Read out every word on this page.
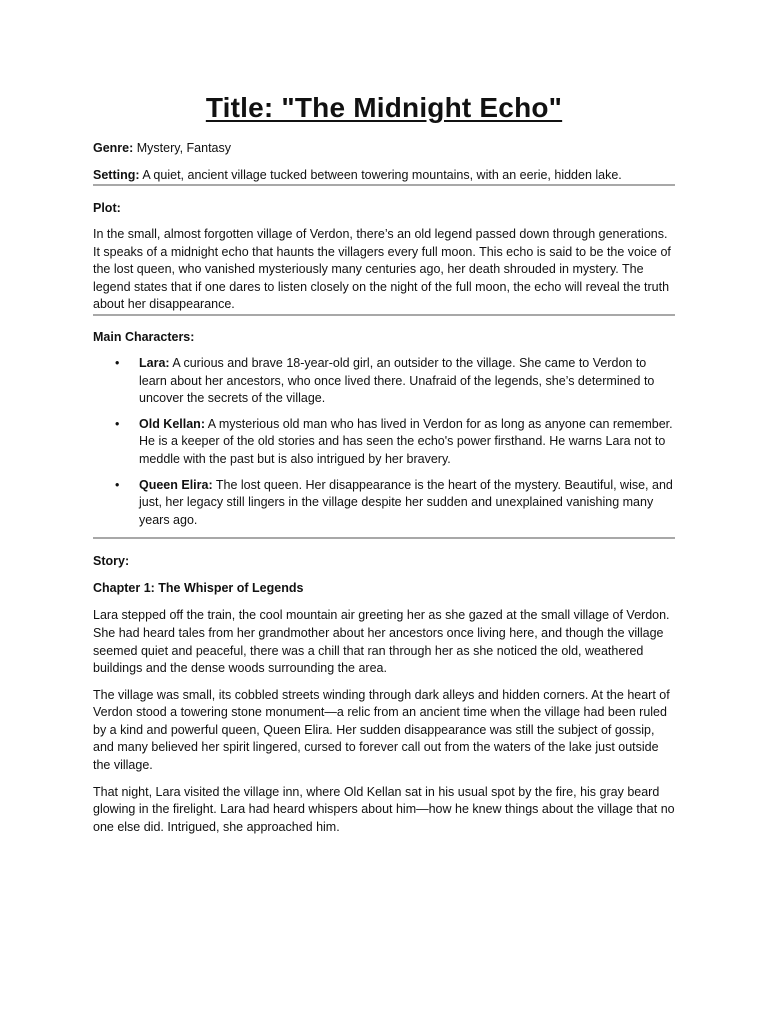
Title: "The Midnight Echo"

Genre: Mystery, Fantasy

Setting: A quiet, ancient village tucked between towering mountains, with an eerie, hidden lake.

Plot:

In the small, almost forgotten village of Verdon, there’s an old legend passed down through generations. It speaks of a midnight echo that haunts the villagers every full moon. This echo is said to be the voice of the lost queen, who vanished mysteriously many centuries ago, her death shrouded in mystery. The legend states that if one dares to listen closely on the night of the full moon, the echo will reveal the truth about her disappearance.

Main Characters:

• Lara: A curious and brave 18-year-old girl, an outsider to the village. She came to Verdon to learn about her ancestors, who once lived there. Unafraid of the legends, she’s determined to uncover the secrets of the village.
• Old Kellan: A mysterious old man who has lived in Verdon for as long as anyone can remember. He is a keeper of the old stories and has seen the echo's power firsthand. He warns Lara not to meddle with the past but is also intrigued by her bravery.
• Queen Elira: The lost queen. Her disappearance is the heart of the mystery. Beautiful, wise, and just, her legacy still lingers in the village despite her sudden and unexplained vanishing many years ago.

Story:

Chapter 1: The Whisper of Legends

Lara stepped off the train, the cool mountain air greeting her as she gazed at the small village of Verdon. She had heard tales from her grandmother about her ancestors once living here, and though the village seemed quiet and peaceful, there was a chill that ran through her as she noticed the old, weathered buildings and the dense woods surrounding the area.

The village was small, its cobbled streets winding through dark alleys and hidden corners. At the heart of Verdon stood a towering stone monument—a relic from an ancient time when the village had been ruled by a kind and powerful queen, Queen Elira. Her sudden disappearance was still the subject of gossip, and many believed her spirit lingered, cursed to forever call out from the waters of the lake just outside the village.

That night, Lara visited the village inn, where Old Kellan sat in his usual spot by the fire, his gray beard glowing in the firelight. Lara had heard whispers about him—how he knew things about the village that no one else did. Intrigued, she approached him.
